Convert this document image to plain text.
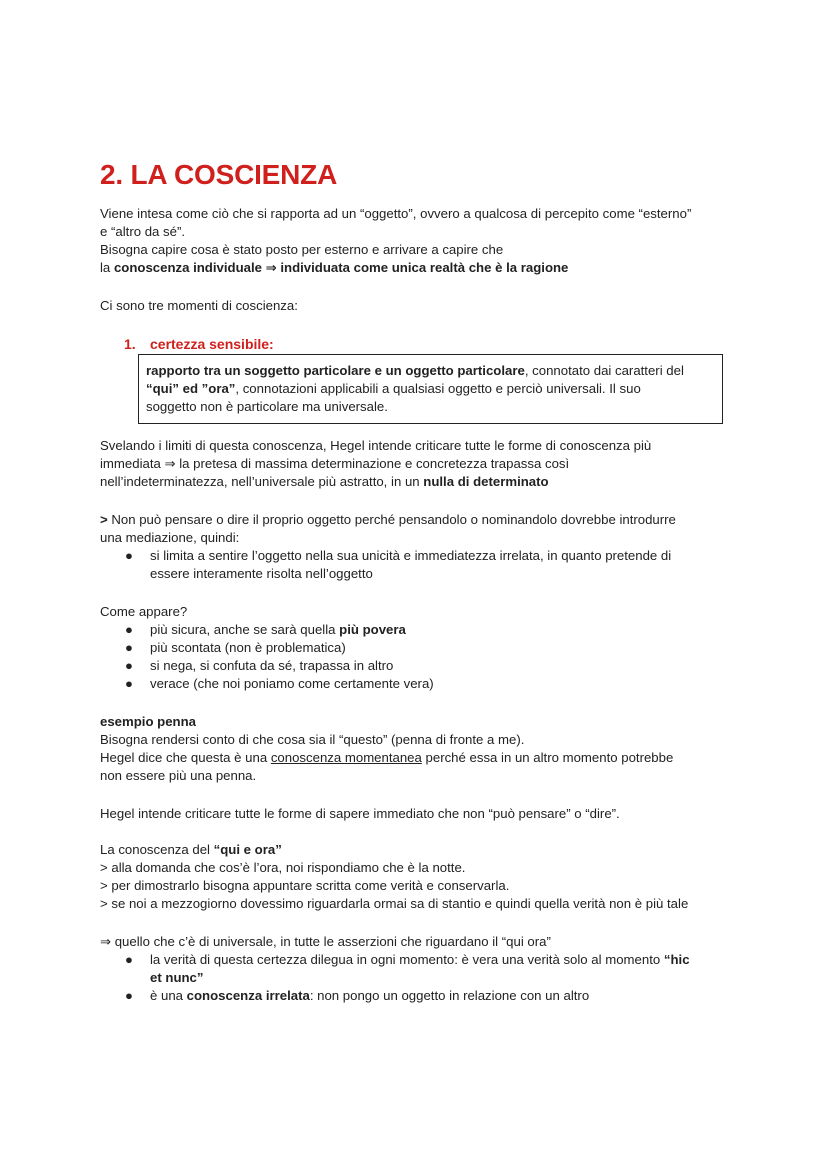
2. LA COSCIENZA

Viene intesa come ciò che si rapporta ad un “oggetto”, ovvero a qualcosa di percepito come “esterno”
e “altro da sé”.
Bisogna capire cosa è stato posto per esterno e arrivare a capire che
la conoscenza individuale ⇒ individuata come unica realtà che è la ragione

Ci sono tre momenti di coscienza:

1. certezza sensibile:

rapporto tra un soggetto particolare e un oggetto particolare, connotato dai caratteri del
“qui” ed ”ora”, connotazioni applicabili a qualsiasi oggetto e perciò universali. Il suo
soggetto non è particolare ma universale.

Svelando i limiti di questa conoscenza, Hegel intende criticare tutte le forme di conoscenza più
immediata ⇒ la pretesa di massima determinazione e concretezza trapassa così
nell’indeterminatezza, nell’universale più astratto, in un nulla di determinato

> Non può pensare o dire il proprio oggetto perché pensandolo o nominandolo dovrebbe introdurre
una mediazione, quindi:

● si limita a sentire l’oggetto nella sua unicità e immediatezza irrelata, in quanto pretende di
essere interamente risolta nell’oggetto

Come appare?

● più sicura, anche se sarà quella più povera
● più scontata (non è problematica)
● si nega, si confuta da sé, trapassa in altro
● verace (che noi poniamo come certamente vera)

esempio penna
Bisogna rendersi conto di che cosa sia il “questo” (penna di fronte a me).
Hegel dice che questa è una conoscenza momentanea perché essa in un altro momento potrebbe
non essere più una penna.

Hegel intende criticare tutte le forme di sapere immediato che non “può pensare” o “dire”.

La conoscenza del “qui e ora”
> alla domanda che cos’è l’ora, noi rispondiamo che è la notte.
> per dimostrarlo bisogna appuntare scritta come verità e conservarla.
> se noi a mezzogiorno dovessimo riguardarla ormai sa di stantio e quindi quella verità non è più tale

⇒ quello che c’è di universale, in tutte le asserzioni che riguardano il “qui ora”

● la verità di questa certezza dilegua in ogni momento: è vera una verità solo al momento “hic
et nunc”
● è una conoscenza irrelata: non pongo un oggetto in relazione con un altro
